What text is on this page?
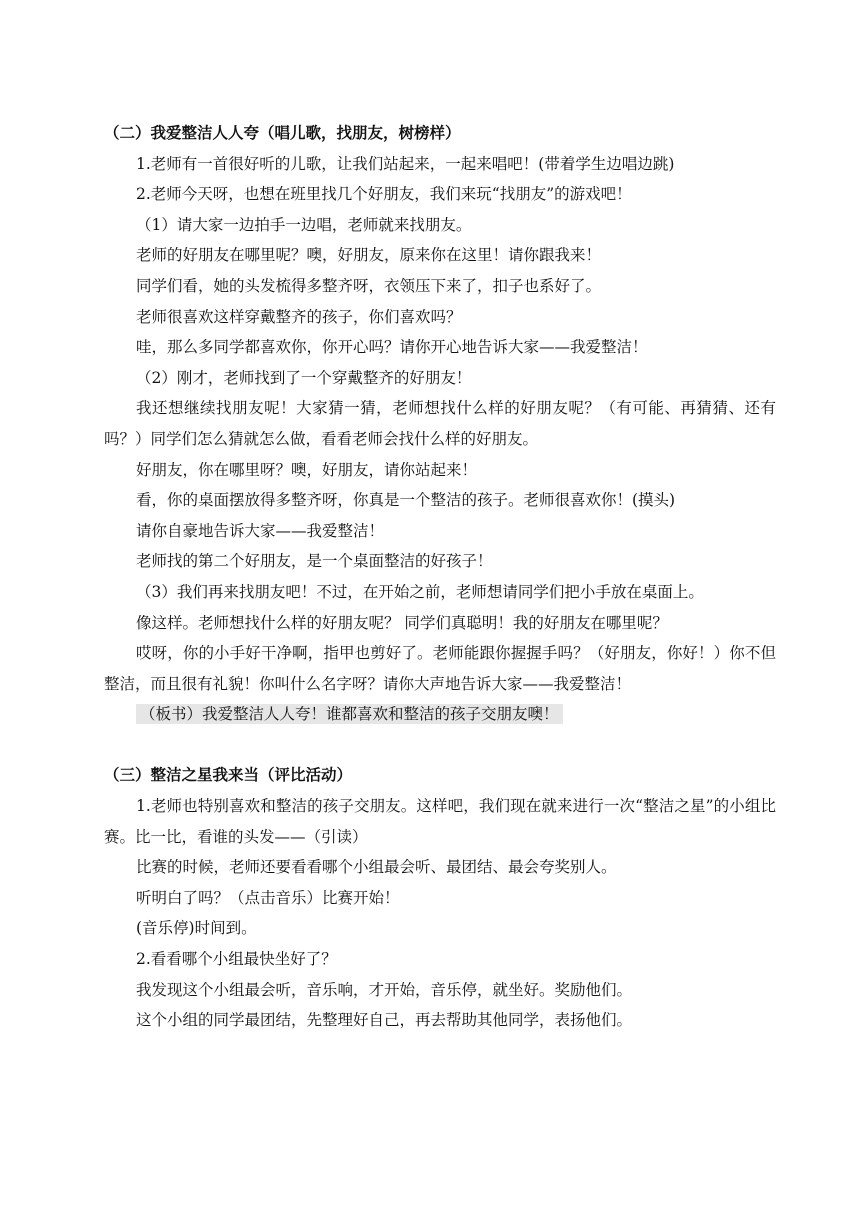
（二）我爱整洁人人夸（唱儿歌，找朋友，树榜样）
1.老师有一首很好听的儿歌，让我们站起来，一起来唱吧！(带着学生边唱边跳)
2.老师今天呀，也想在班里找几个好朋友，我们来玩“找朋友”的游戏吧！
（1）请大家一边拍手一边唱，老师就来找朋友。
老师的好朋友在哪里呢？噢，好朋友，原来你在这里！请你跟我来！
同学们看，她的头发梳得多整齐呀，衣领压下来了，扣子也系好了。
老师很喜欢这样穿戴整齐的孩子，你们喜欢吗？
哇，那么多同学都喜欢你，你开心吗？请你开心地告诉大家——我爱整洁！
（2）刚才，老师找到了一个穿戴整齐的好朋友！
我还想继续找朋友呢！大家猜一猜，老师想找什么样的好朋友呢？（有可能、再猜猜、还有吗？）同学们怎么猜就怎么做，看看老师会找什么样的好朋友。
好朋友，你在哪里呀？噢，好朋友，请你站起来！
看，你的桌面摆放得多整齐呀，你真是一个整洁的孩子。老师很喜欢你！(摸头)
请你自豪地告诉大家——我爱整洁！
老师找的第二个好朋友，是一个桌面整洁的好孩子！
（3）我们再来找朋友吧！不过，在开始之前，老师想请同学们把小手放在桌面上。
像这样。老师想找什么样的好朋友呢？ 同学们真聪明！我的好朋友在哪里呢？
哎呀，你的小手好干净啊，指甲也剪好了。老师能跟你握握手吗？（好朋友，你好！）你不但整洁，而且很有礼貌！你叫什么名字呀？请你大声地告诉大家——我爱整洁！
（板书）我爱整洁人人夸！谁都喜欢和整洁的孩子交朋友噢！
（三）整洁之星我来当（评比活动）
1.老师也特别喜欢和整洁的孩子交朋友。这样吧，我们现在就来进行一次“整洁之星”的小组比赛。比一比，看谁的头发——（引读）
比赛的时候，老师还要看看哪个小组最会听、最团结、最会夸奖别人。
听明白了吗？（点击音乐）比赛开始！
(音乐停)时间到。
2.看看哪个小组最快坐好了？
我发现这个小组最会听，音乐响，才开始，音乐停，就坐好。奖励他们。
这个小组的同学最团结，先整理好自己，再去帮助其他同学，表扬他们。
